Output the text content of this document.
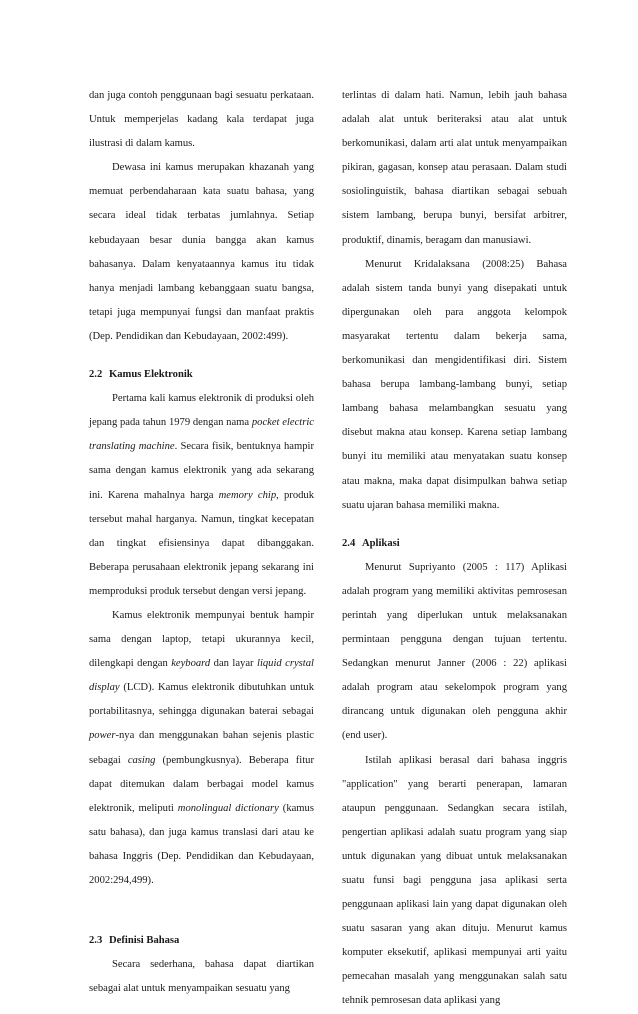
dan juga contoh penggunaan bagi sesuatu perkataan. Untuk memperjelas kadang kala terdapat juga ilustrasi di dalam kamus.

Dewasa ini kamus merupakan khazanah yang memuat perbendaharaan kata suatu bahasa, yang secara ideal tidak terbatas jumlahnya. Setiap kebudayaan besar dunia bangga akan kamus bahasanya. Dalam kenyataannya kamus itu tidak hanya menjadi lambang kebanggaan suatu bangsa, tetapi juga mempunyai fungsi dan manfaat praktis (Dep. Pendidikan dan Kebudayaan, 2002:499).

2.2 Kamus Elektronik

Pertama kali kamus elektronik di produksi oleh jepang pada tahun 1979 dengan nama pocket electric translating machine. Secara fisik, bentuknya hampir sama dengan kamus elektronik yang ada sekarang ini. Karena mahalnya harga memory chip, produk tersebut mahal harganya. Namun, tingkat kecepatan dan tingkat efisiensinya dapat dibanggakan. Beberapa perusahaan elektronik jepang sekarang ini memproduksi produk tersebut dengan versi jepang.

Kamus elektronik mempunyai bentuk hampir sama dengan laptop, tetapi ukurannya kecil, dilengkapi dengan keyboard dan layar liquid crystal display (LCD). Kamus elektronik dibutuhkan untuk portabilitasnya, sehingga digunakan baterai sebagai power-nya dan menggunakan bahan sejenis plastic sebagai casing (pembungkusnya). Beberapa fitur dapat ditemukan dalam berbagai model kamus elektronik, meliputi monolingual dictionary (kamus satu bahasa), dan juga kamus translasi dari atau ke bahasa Inggris (Dep. Pendidikan dan Kebudayaan, 2002:294,499).

2.3 Definisi Bahasa

Secara sederhana, bahasa dapat diartikan sebagai alat untuk menyampaikan sesuatu yang

terlintas di dalam hati. Namun, lebih jauh bahasa adalah alat untuk beriteraksi atau alat untuk berkomunikasi, dalam arti alat untuk menyampaikan pikiran, gagasan, konsep atau perasaan. Dalam studi sosiolinguistik, bahasa diartikan sebagai sebuah sistem lambang, berupa bunyi, bersifat arbitrer, produktif, dinamis, beragam dan manusiawi.

Menurut Kridalaksana (2008:25) Bahasa adalah sistem tanda bunyi yang disepakati untuk dipergunakan oleh para anggota kelompok masyarakat tertentu dalam bekerja sama, berkomunikasi dan mengidentifikasi diri. Sistem bahasa berupa lambang-lambang bunyi, setiap lambang bahasa melambangkan sesuatu yang disebut makna atau konsep. Karena setiap lambang bunyi itu memiliki atau menyatakan suatu konsep atau makna, maka dapat disimpulkan bahwa setiap suatu ujaran bahasa memiliki makna.

2.4 Aplikasi

Menurut Supriyanto (2005 : 117) Aplikasi adalah program yang memiliki aktivitas pemrosesan perintah yang diperlukan untuk melaksanakan permintaan pengguna dengan tujuan tertentu. Sedangkan menurut Janner (2006 : 22) aplikasi adalah program atau sekelompok program yang dirancang untuk digunakan oleh pengguna akhir (end user).

Istilah aplikasi berasal dari bahasa inggris "application" yang berarti penerapan, lamaran ataupun penggunaan. Sedangkan secara istilah, pengertian aplikasi adalah suatu program yang siap untuk digunakan yang dibuat untuk melaksanakan suatu funsi bagi pengguna jasa aplikasi serta penggunaan aplikasi lain yang dapat digunakan oleh suatu sasaran yang akan dituju. Menurut kamus komputer eksekutif, aplikasi mempunyai arti yaitu pemecahan masalah yang menggunakan salah satu tehnik pemrosesan data aplikasi yang
